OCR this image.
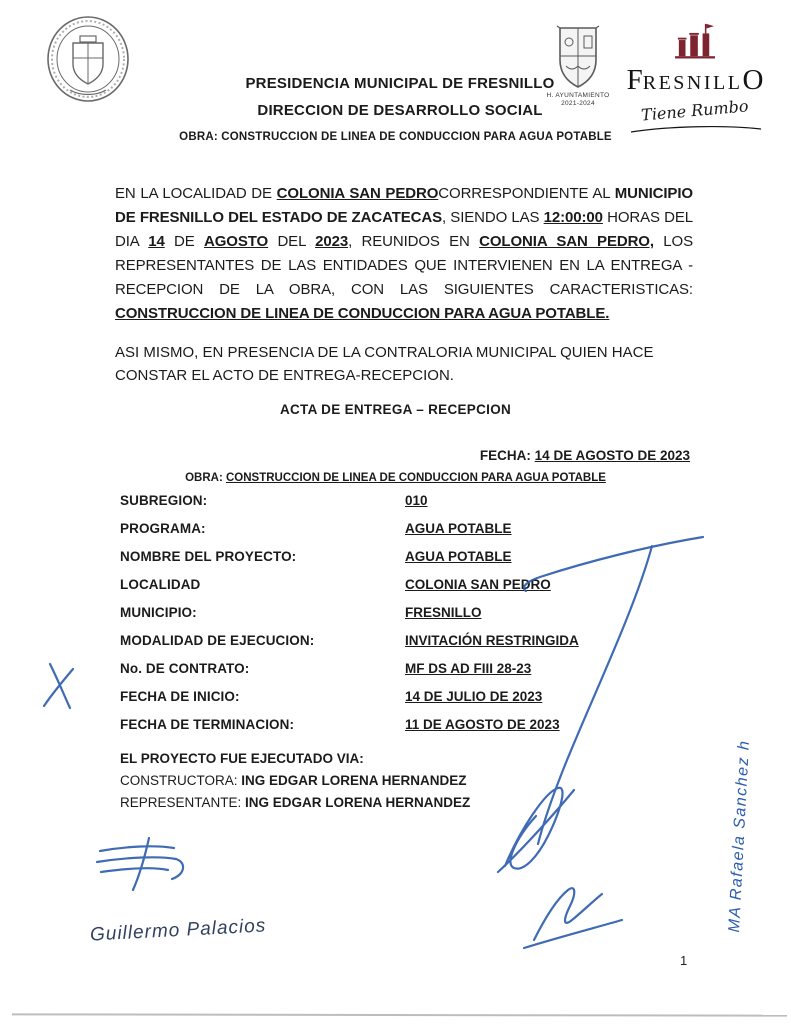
H. AYUNTAMIENTO
2021-2024
PRESIDENCIA MUNICIPAL DE FRESNILLO
DIRECCION DE DESARROLLO SOCIAL
OBRA: CONSTRUCCION DE LINEA DE CONDUCCION PARA AGUA POTABLE
FRESNILLO
Tiene Rumbo

EN LA LOCALIDAD DE COLONIA SAN PEDROCORRESPONDIENTE AL MUNICIPIO DE FRESNILLO DEL ESTADO DE ZACATECAS, SIENDO LAS 12:00:00 HORAS DEL DIA 14 DE AGOSTO DEL 2023, REUNIDOS EN COLONIA SAN PEDRO, LOS REPRESENTANTES DE LAS ENTIDADES QUE INTERVIENEN EN LA ENTREGA - RECEPCION DE LA OBRA, CON LAS SIGUIENTES CARACTERISTICAS: CONSTRUCCION DE LINEA DE CONDUCCION PARA AGUA POTABLE.

ASI MISMO, EN PRESENCIA DE LA CONTRALORIA MUNICIPAL QUIEN HACE CONSTAR EL ACTO DE ENTREGA-RECEPCION.

ACTA DE ENTREGA – RECEPCION
FECHA: 14 DE AGOSTO DE 2023
OBRA: CONSTRUCCION DE LINEA DE CONDUCCION PARA AGUA POTABLE
SUBREGION:	010
PROGRAMA:	AGUA POTABLE
NOMBRE DEL PROYECTO:	AGUA POTABLE
LOCALIDAD	COLONIA SAN PEDRO
MUNICIPIO:	FRESNILLO
MODALIDAD DE EJECUCION:	INVITACIÓN RESTRINGIDA
No. DE CONTRATO:	MF DS AD FIII 28-23
FECHA DE INICIO:	14 DE JULIO DE 2023
FECHA DE TERMINACION:	11 DE AGOSTO DE 2023
EL PROYECTO FUE EJECUTADO VIA:
CONSTRUCTORA: ING EDGAR LORENA HERNANDEZ
REPRESENTANTE: ING EDGAR LORENA HERNANDEZ
Guillermo Palacios	MA Rafaela Sanchez h
1
